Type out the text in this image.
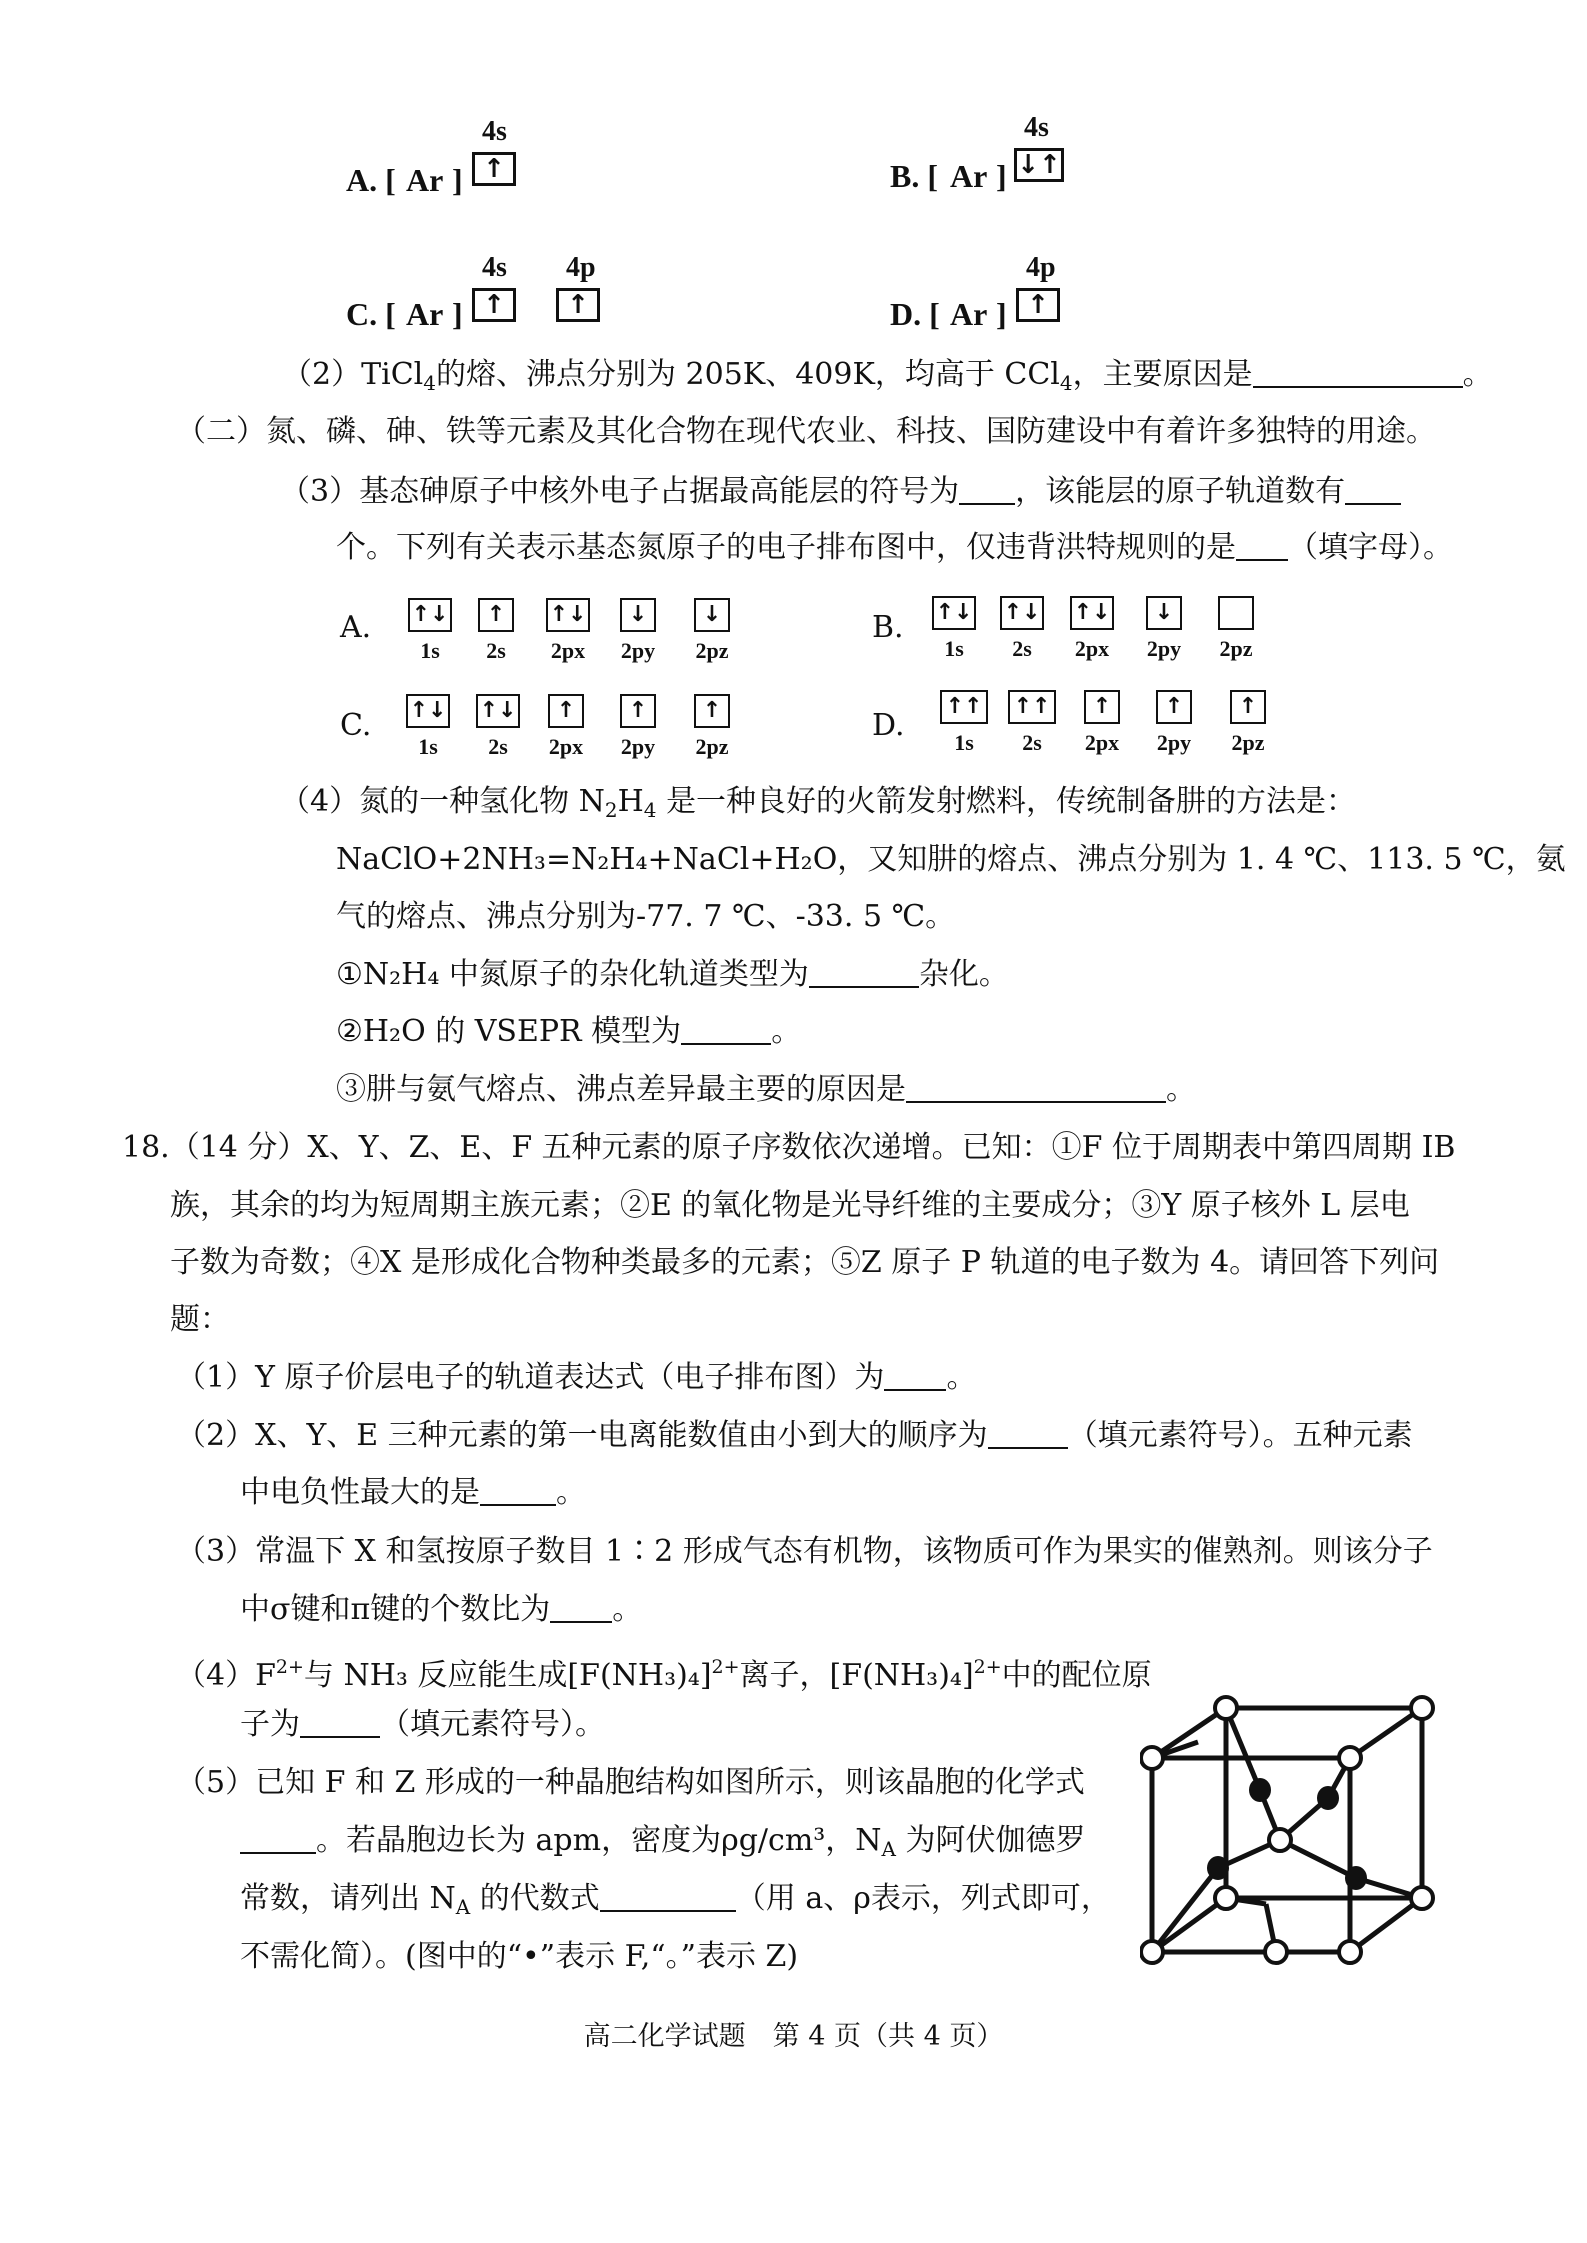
A. [ Ar ]
4s
↑	B. [ Ar ]
4s
↓↑
C. [ Ar ]
4s
↑
4p
↑	D. [ Ar ]
4p
↑
（2）TiCl$_4$的熔、沸点分别为 205K、409K，均高于 CCl$_4$，主要原因是	。
（二）氮、磷、砷、铁等元素及其化合物在现代农业、科技、国防建设中有着许多独特的用途。
（3）基态砷原子中核外电子占据最高能层的符号为 ，该能层的原子轨道数有
个。下列有关表示基态氮原子的电子排布图中，仅违背洪特规则的是 （填字母）。
A. ↑↓	↑	↑↓	↓	↓
1s	2s	2px	2py	2pz
B. ↑↓ ↑↓ ↑↓	↓
1s	2s	2px	2py	2pz
C. ↑↓ ↑↓	↑	↑	↑
1s	2s	2px	2py	2pz
D.
↑↑ ↑↑	↑	↑	↑
1s	2s	2px	2py	2pz
（4）氮的一种氢化物 $N_2H_4$ 是一种良好的火箭发射燃料，传统制备肼的方法是：
NaClO+2NH₃=N₂H₄+NaCl+H₂O，又知肼的熔点、沸点分别为 1. 4 ℃、113. 5 ℃，氨
气的熔点、沸点分别为-77. 7 ℃、-33. 5 ℃。
①N₂H₄ 中氮原子的杂化轨道类型为	杂化。
②H₂O 的 VSEPR 模型为	。
③肼与氨气熔点、沸点差异最主要的原因是	。
18.（14 分）X、Y、Z、E、F 五种元素的原子序数依次递增。已知：①F 位于周期表中第四周期 IB
族，其余的均为短周期主族元素；②E 的氧化物是光导纤维的主要成分；③Y 原子核外 L 层电
子数为奇数；④X 是形成化合物种类最多的元素；⑤Z 原子 P 轨道的电子数为 4。请回答下列问
题：
（1）Y 原子价层电子的轨道表达式（电子排布图）为 。
（2）X、Y、E 三种元素的第一电离能数值由小到大的顺序为	（填元素符号）。五种元素
中电负性最大的是	。
（3）常温下 X 和氢按原子数目 1∶2 形成气态有机物，该物质可作为果实的催熟剂。则该分子
中σ键和π键的个数比为 。
$(4)F^{2+}$与 NH₃ 反应能生成$[F(NH_3)_4]^{2+}$离子，$[F(NH_3)_4]^{2+}$中的配位原
子为	（填元素符号）。
（5）已知 F 和 Z 形成的一种晶胞结构如图所示，则该晶胞的化学式
。若晶胞边长为 apm，密度为ρg/cm³，$N_A$ 为阿伏伽德罗
常数，请列出 $N_A$ 的代数式	（用 a、ρ表示，列式即可，
不需化简）。(图中的“•”表示 F,“。”表示 Z)
高二化学试题　第 4 页（共 4 页）
